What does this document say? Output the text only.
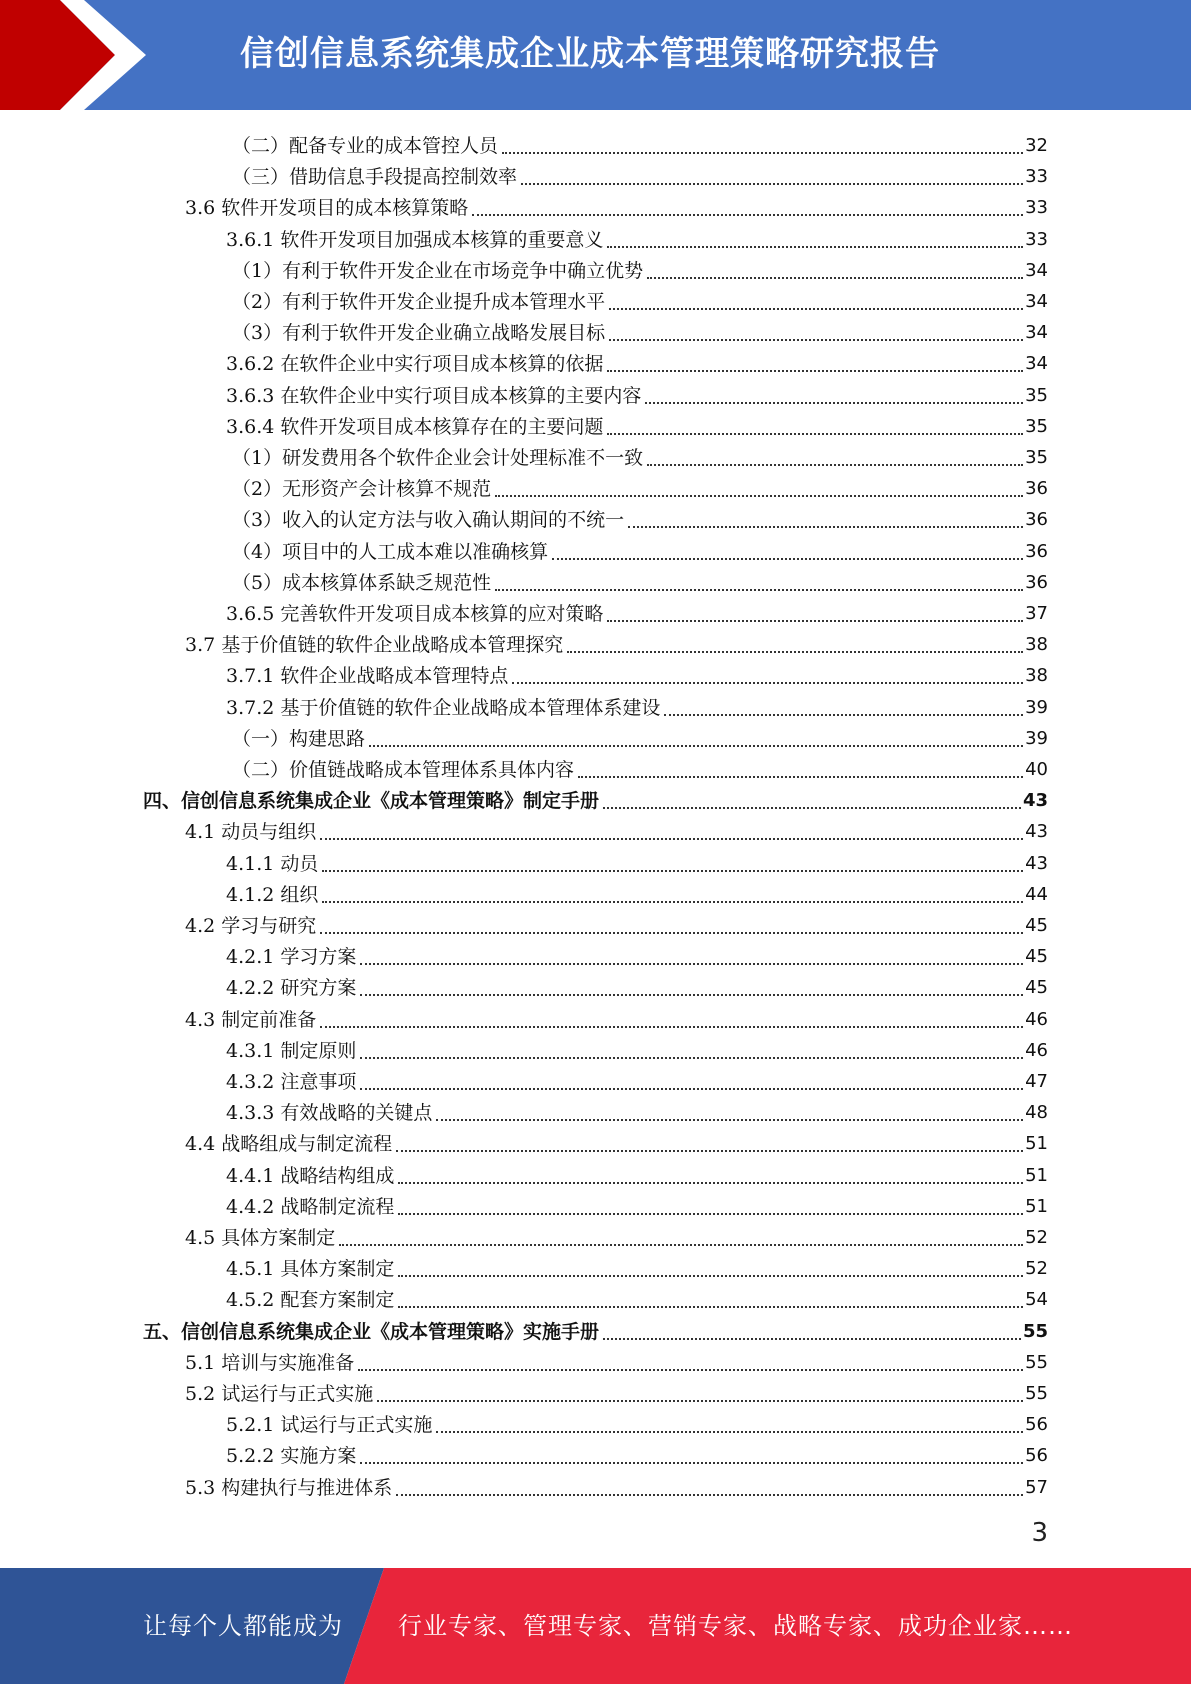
信创信息系统集成企业成本管理策略研究报告
（二）配备专业的成本管控人员	32
（三）借助信息手段提高控制效率	33
3.6 软件开发项目的成本核算策略	33
3.6.1 软件开发项目加强成本核算的重要意义	33
（1）有利于软件开发企业在市场竞争中确立优势	34
（2）有利于软件开发企业提升成本管理水平	34
（3）有利于软件开发企业确立战略发展目标	34
3.6.2 在软件企业中实行项目成本核算的依据	34
3.6.3 在软件企业中实行项目成本核算的主要内容	35
3.6.4 软件开发项目成本核算存在的主要问题	35
（1）研发费用各个软件企业会计处理标准不一致	35
（2）无形资产会计核算不规范	36
（3）收入的认定方法与收入确认期间的不统一	36
（4）项目中的人工成本难以准确核算	36
（5）成本核算体系缺乏规范性	36
3.6.5 完善软件开发项目成本核算的应对策略	37
3.7 基于价值链的软件企业战略成本管理探究	38
3.7.1 软件企业战略成本管理特点	38
3.7.2 基于价值链的软件企业战略成本管理体系建设	39
（一）构建思路	39
（二）价值链战略成本管理体系具体内容	40
四、信创信息系统集成企业《成本管理策略》制定手册	43
4.1 动员与组织	43
4.1.1 动员	43
4.1.2 组织	44
4.2 学习与研究	45
4.2.1 学习方案	45
4.2.2 研究方案	45
4.3 制定前准备	46
4.3.1 制定原则	46
4.3.2 注意事项	47
4.3.3 有效战略的关键点	48
4.4 战略组成与制定流程	51
4.4.1 战略结构组成	51
4.4.2 战略制定流程	51
4.5 具体方案制定	52
4.5.1 具体方案制定	52
4.5.2 配套方案制定	54
五、信创信息系统集成企业《成本管理策略》实施手册	55
5.1 培训与实施准备	55
5.2 试运行与正式实施	55
5.2.1 试运行与正式实施	56
5.2.2 实施方案	56
5.3 构建执行与推进体系	57
3
让每个人都能成为 行业专家、管理专家、营销专家、战略专家、成功企业家……
